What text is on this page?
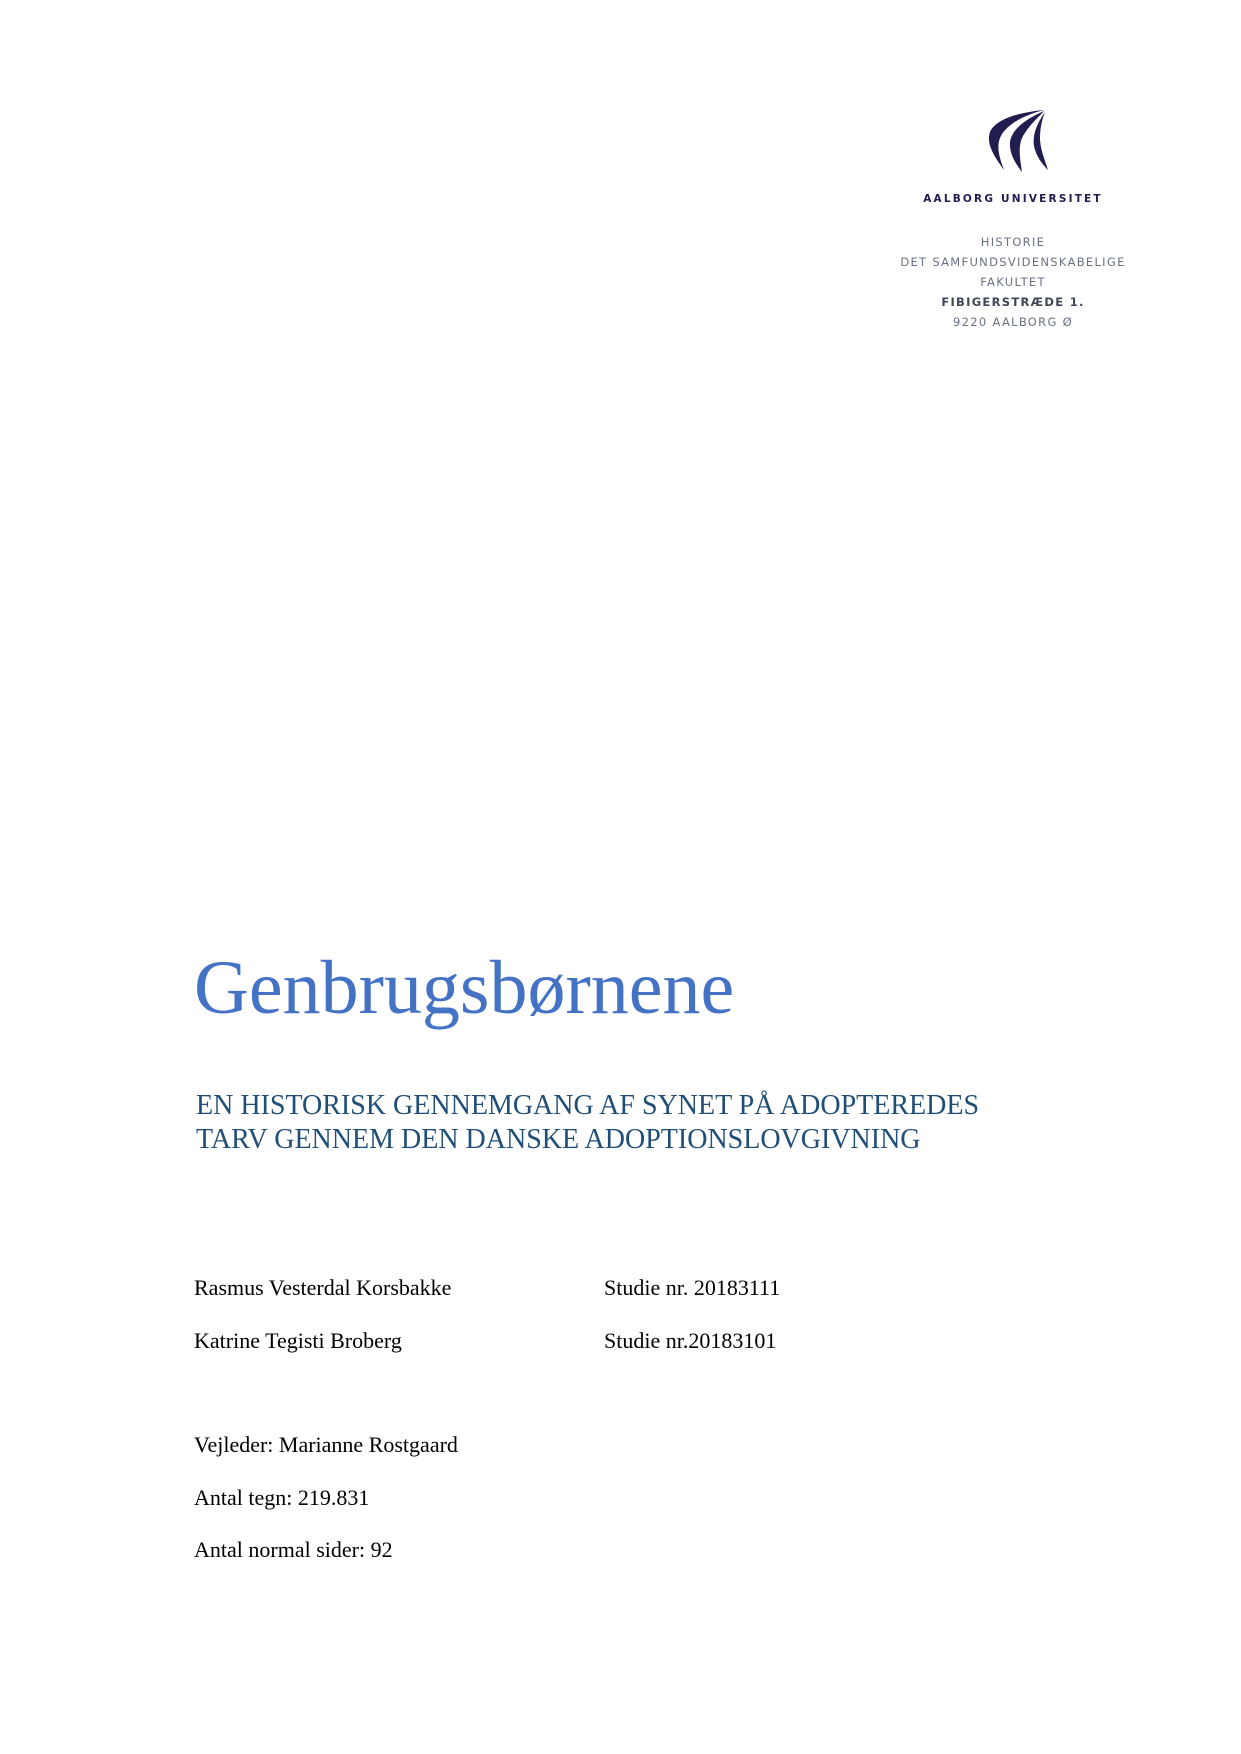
AALBORG UNIVERSITET
HISTORIE
DET SAMFUNDSVIDENSKABELIGE
FAKULTET
FIBIGERSTRÆDE 1.
9220 AALBORG Ø
Genbrugsbørnene
EN HISTORISK GENNEMGANG AF SYNET PÅ ADOPTEREDES
TARV GENNEM DEN DANSKE ADOPTIONSLOVGIVNING
Rasmus Vesterdal Korsbakke	Studie nr. 20183111
Katrine Tegisti Broberg	Studie nr.20183101
Vejleder: Marianne Rostgaard
Antal tegn: 219.831
Antal normal sider: 92
